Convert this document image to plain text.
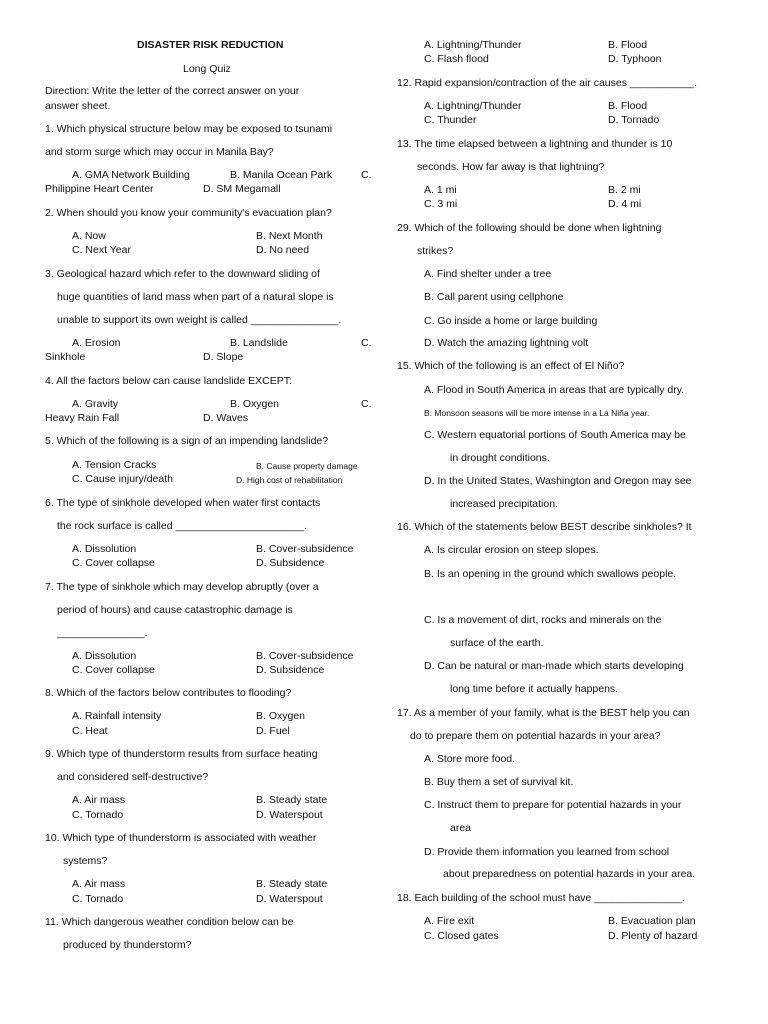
DISASTER RISK REDUCTION
Long Quiz
Direction: Write the letter of the correct answer on your
answer sheet.
1. Which physical structure below may be exposed to tsunami
and storm surge which may occur in Manila Bay?
A. GMA Network Building	B. Manila Ocean Park	C.
Philippine Heart Center	D. SM Megamall
2. When should you know your community's evacuation plan?
A. Now	B. Next Month
C. Next Year	D. No need
3. Geological hazard which refer to the downward sliding of
huge quantities of land mass when part of a natural slope is
unable to support its own weight is called _______________.
A. Erosion	B. Landslide	C.
Sinkhole	D. Slope
4. All the factors below can cause landslide EXCEPT:
A. Gravity	B. Oxygen	C.
Heavy Rain Fall	D. Waves
5. Which of the following is a sign of an impending landslide?
A. Tension Cracks	B. Cause property damage
C. Cause injury/death	D. High cost of rehabilitation
6. The type of sinkhole developed when water first contacts
the rock surface is called ______________________.
A. Dissolution	B. Cover-subsidence
C. Cover collapse	D. Subsidence
7. The type of sinkhole which may develop abruptly (over a
period of hours) and cause catastrophic damage is
_______________.
A. Dissolution	B. Cover-subsidence
C. Cover collapse	D. Subsidence
8. Which of the factors below contributes to flooding?
A. Rainfall intensity	B. Oxygen
C. Heat	D. Fuel
9. Which type of thunderstorm results from surface heating
and considered self-destructive?
A. Air mass	B. Steady state
C. Tornado	D. Waterspout
10. Which type of thunderstorm is associated with weather
systems?
A. Air mass	B. Steady state
C. Tornado	D. Waterspout
11. Which dangerous weather condition below can be
produced by thunderstorm?
A. Lightning/Thunder	B. Flood
C. Flash flood	D. Typhoon
12. Rapid expansion/contraction of the air causes ___________.
A. Lightning/Thunder	B. Flood
C. Thunder	D. Tornado
13. The time elapsed between a lightning and thunder is 10
seconds. How far away is that lightning?
A. 1 mi	B. 2 mi
C. 3 mi	D. 4 mi
29. Which of the following should be done when lightning
strikes?
A. Find shelter under a tree
B. Call parent using cellphone
C. Go inside a home or large building
D. Watch the amazing lightning volt
15. Which of the following is an effect of El Niño?
A. Flood in South America in areas that are typically dry.
B. Monsoon seasons will be more intense in a La Niña year.
C. Western equatorial portions of South America may be
in drought conditions.
D. In the United States, Washington and Oregon may see
increased precipitation.
16. Which of the statements below BEST describe sinkholes? It
A. Is circular erosion on steep slopes.
B. Is an opening in the ground which swallows people.
C. Is a movement of dirt, rocks and minerals on the
surface of the earth.
D. Can be natural or man-made which starts developing
long time before it actually happens.
17. As a member of your family, what is the BEST help you can
do to prepare them on potential hazards in your area?
A. Store more food.
B. Buy them a set of survival kit.
C. Instruct them to prepare for potential hazards in your
area
D. Provide them information you learned from school
about preparedness on potential hazards in your area.
18. Each building of the school must have _______________.
A. Fire exit	B. Evacuation plan
C. Closed gates	D. Plenty of hazard
